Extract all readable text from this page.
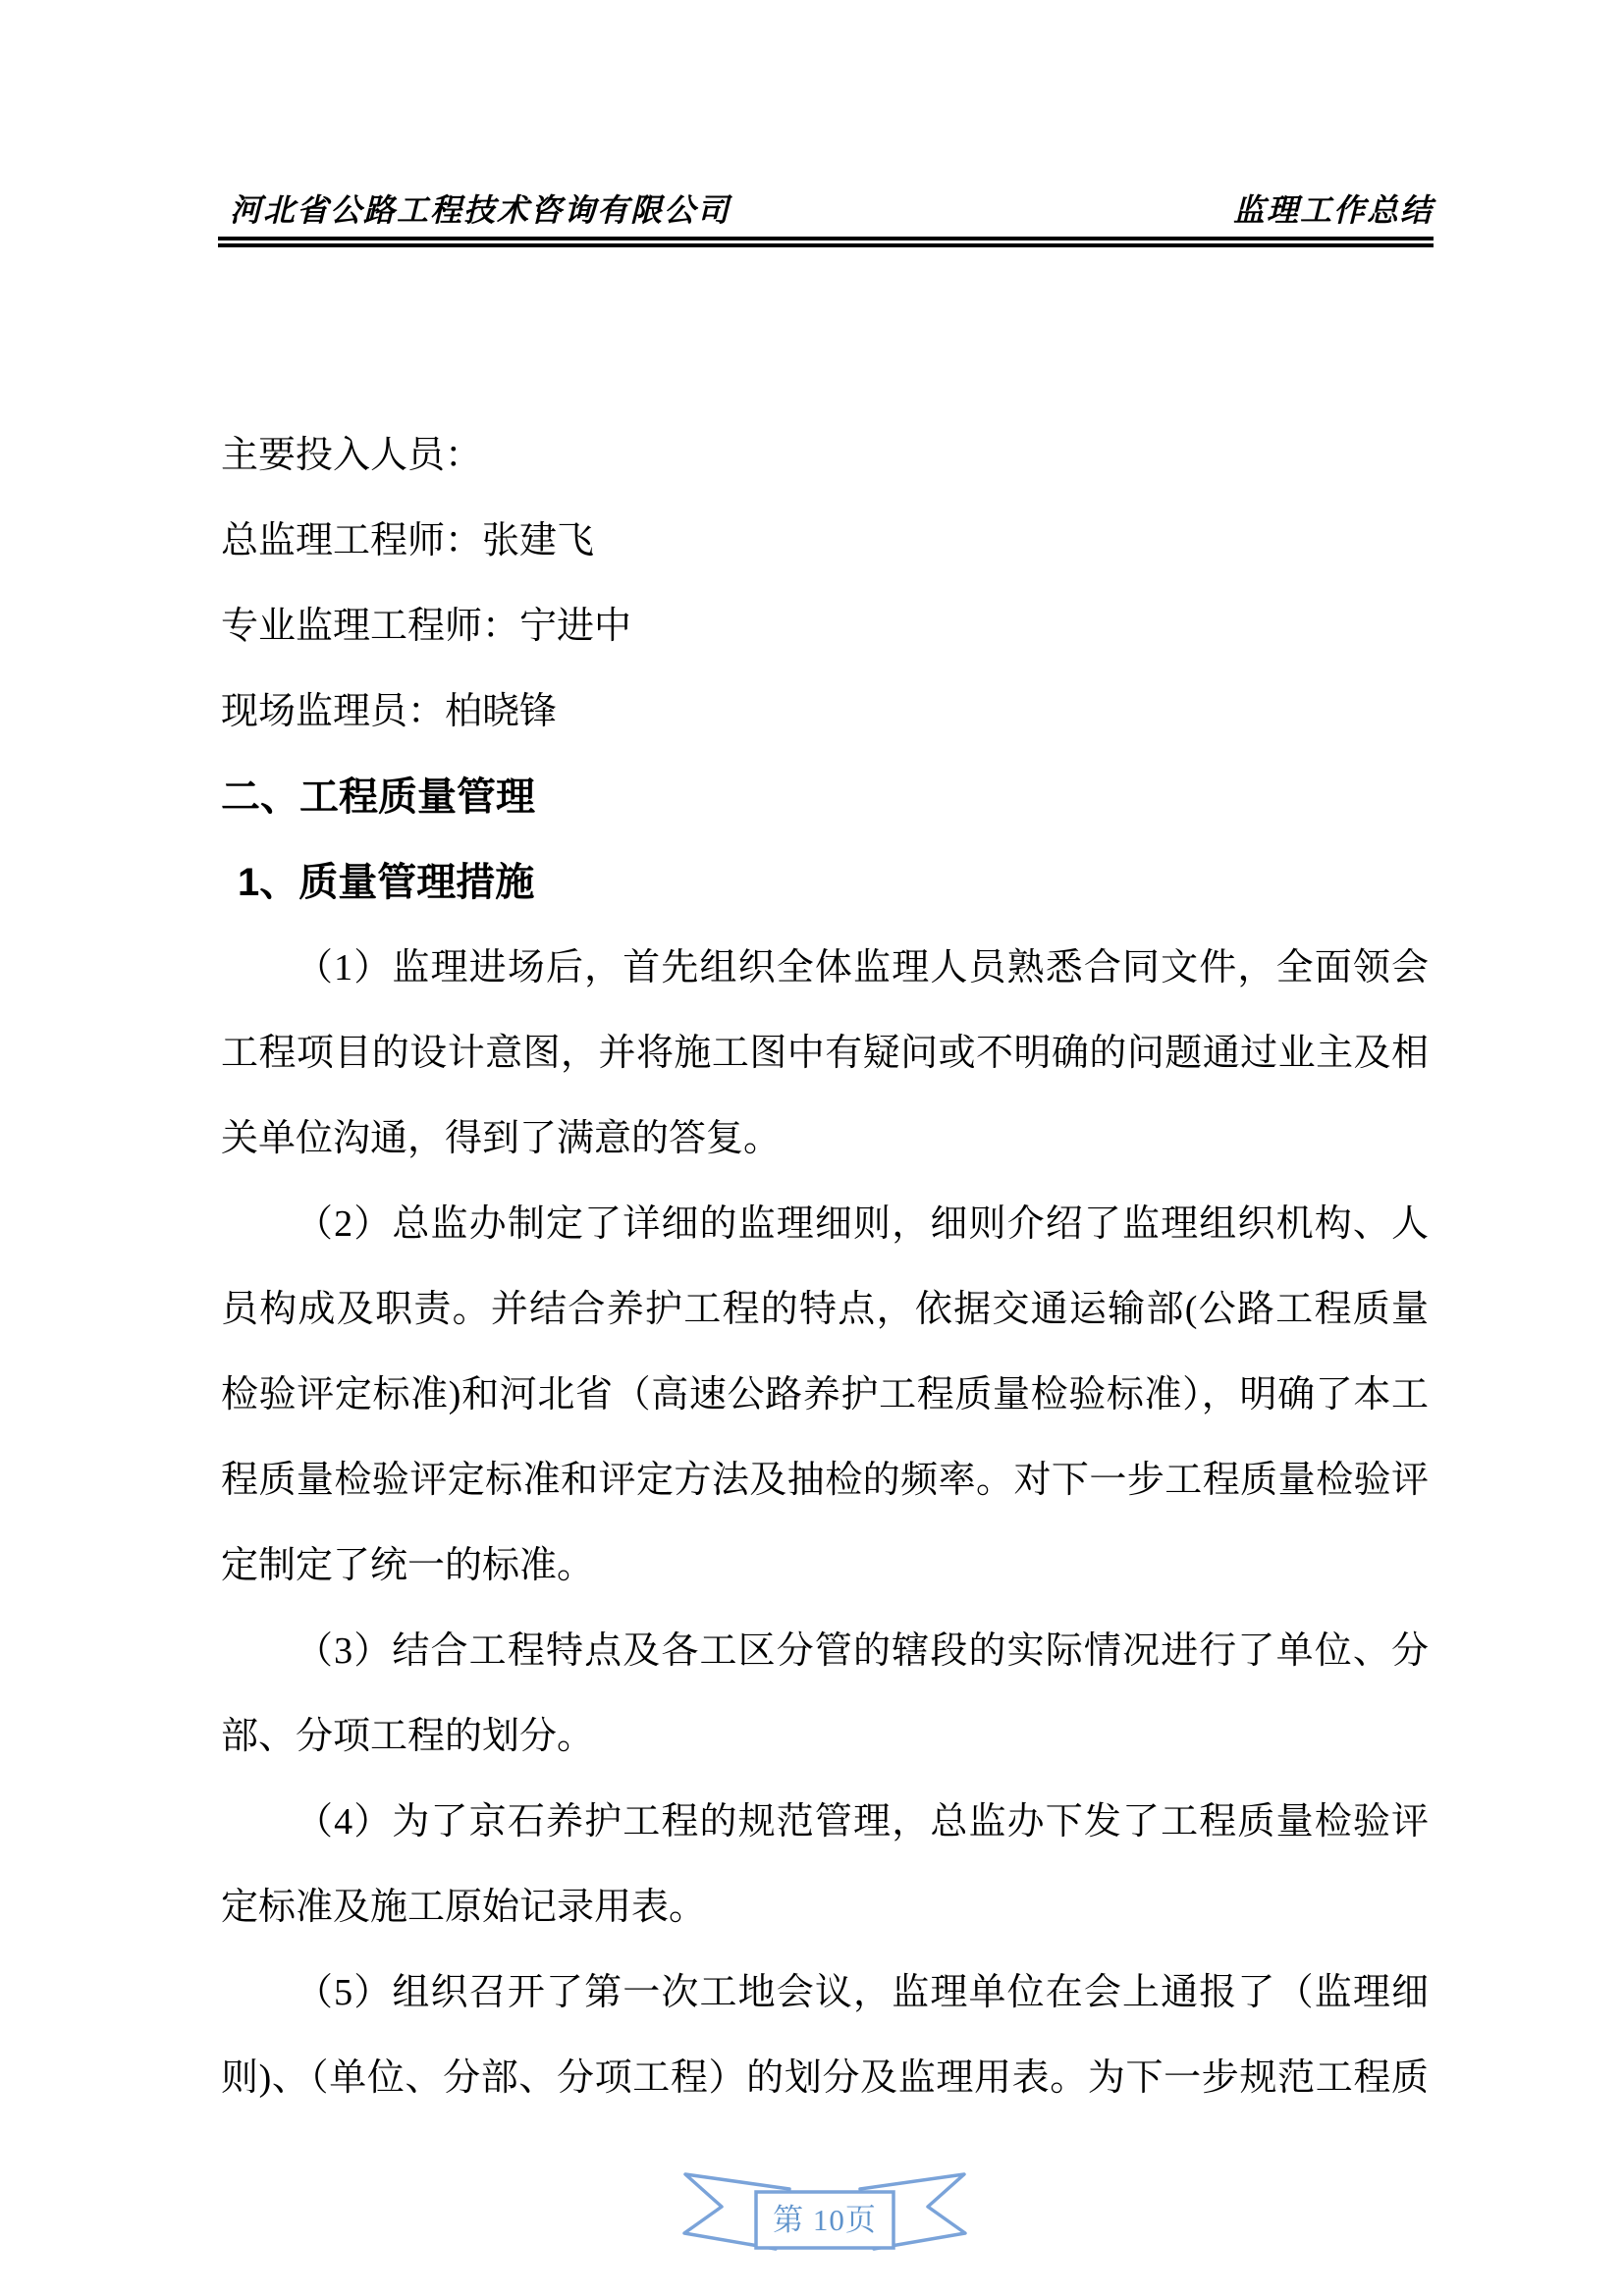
河北省公路工程技术咨询有限公司	监理工作总结
主要投入人员：
总监理工程师：张建飞
专业监理工程师：宁进中
现场监理员：柏晓锋
二、工程质量管理
1、质量管理措施
（1）监理进场后，首先组织全体监理人员熟悉合同文件，全面领会
工程项目的设计意图，并将施工图中有疑问或不明确的问题通过业主及相
关单位沟通，得到了满意的答复。
（2）总监办制定了详细的监理细则，细则介绍了监理组织机构、人
员构成及职责。并结合养护工程的特点，依据交通运输部(公路工程质量
检验评定标准)和河北省（高速公路养护工程质量检验标准），明确了本工
程质量检验评定标准和评定方法及抽检的频率。对下一步工程质量检验评
定制定了统一的标准。
（3）结合工程特点及各工区分管的辖段的实际情况进行了单位、分
部、分项工程的划分。
（4）为了京石养护工程的规范管理，总监办下发了工程质量检验评
定标准及施工原始记录用表。
（5）组织召开了第一次工地会议，监理单位在会上通报了（监理细
则)、（单位、分部、分项工程）的划分及监理用表。为下一步规范工程质
第 10页
